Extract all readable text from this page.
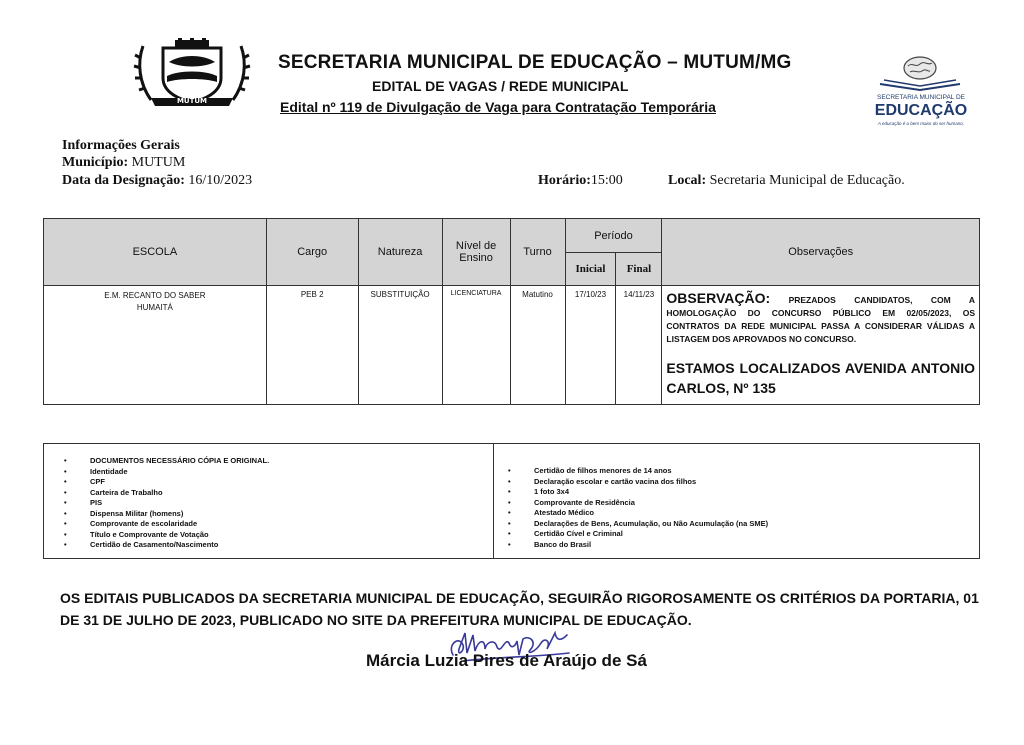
MUTUM
SECRETARIA MUNICIPAL DE EDUCAÇÃO – MUTUM/MG
EDITAL DE VAGAS / REDE MUNICIPAL
Edital nº 119 de Divulgação de Vaga para Contratação Temporária
SECRETARIA MUNICIPAL DE
EDUCAÇÃO
A educação é o bem maior do ser humano.
Informações Gerais
Município: MUTUM
Data da Designação: 16/10/2023	Horário:15:00	Local: Secretaria Municipal de Educação.
ESCOLA	Cargo	Natureza	Nível de Ensino	Turno	Período		Observações
					Inicial	Final	

E.M. RECANTO DO SABER HUMAITÁ	PEB 2	SUBSTITUIÇÃO	LICENCIATURA	Matutino	17/10/23	14/11/23	OBSERVAÇÃO: PREZADOS CANDIDATOS, COM A HOMOLOGAÇÃO DO CONCURSO PÚBLICO EM 02/05/2023, OS CONTRATOS DA REDE MUNICIPAL PASSA A CONSIDERAR VÁLIDAS A LISTAGEM DOS APROVADOS NO CONCURSO.
ESTAMOS LOCALIZADOS AVENIDA ANTONIO CARLOS, Nº 135
•	DOCUMENTOS NECESSÁRIO CÓPIA E ORIGINAL.
•	Identidade
•	CPF
•	Carteira de Trabalho
•	PIS
•	Dispensa Militar (homens)
•	Comprovante de escolaridade
•	Título e Comprovante de Votação
•	Certidão de Casamento/Nascimento
•	Certidão de filhos menores de 14 anos
•	Declaração escolar e cartão vacina dos filhos
•	1 foto 3x4
•	Comprovante de Residência
•	Atestado Médico
•	Declarações de Bens, Acumulação, ou Não Acumulação (na SME)
•	Certidão Cível e Criminal
•	Banco do Brasil
OS EDITAIS PUBLICADOS DA SECRETARIA MUNICIPAL DE EDUCAÇÃO, SEGUIRÃO RIGOROSAMENTE OS CRITÉRIOS DA PORTARIA, 01 DE 31 DE JULHO DE 2023, PUBLICADO NO SITE DA PREFEITURA MUNICIPAL DE EDUCAÇÃO.
Márcia Luzia Pires de Araújo de Sá
